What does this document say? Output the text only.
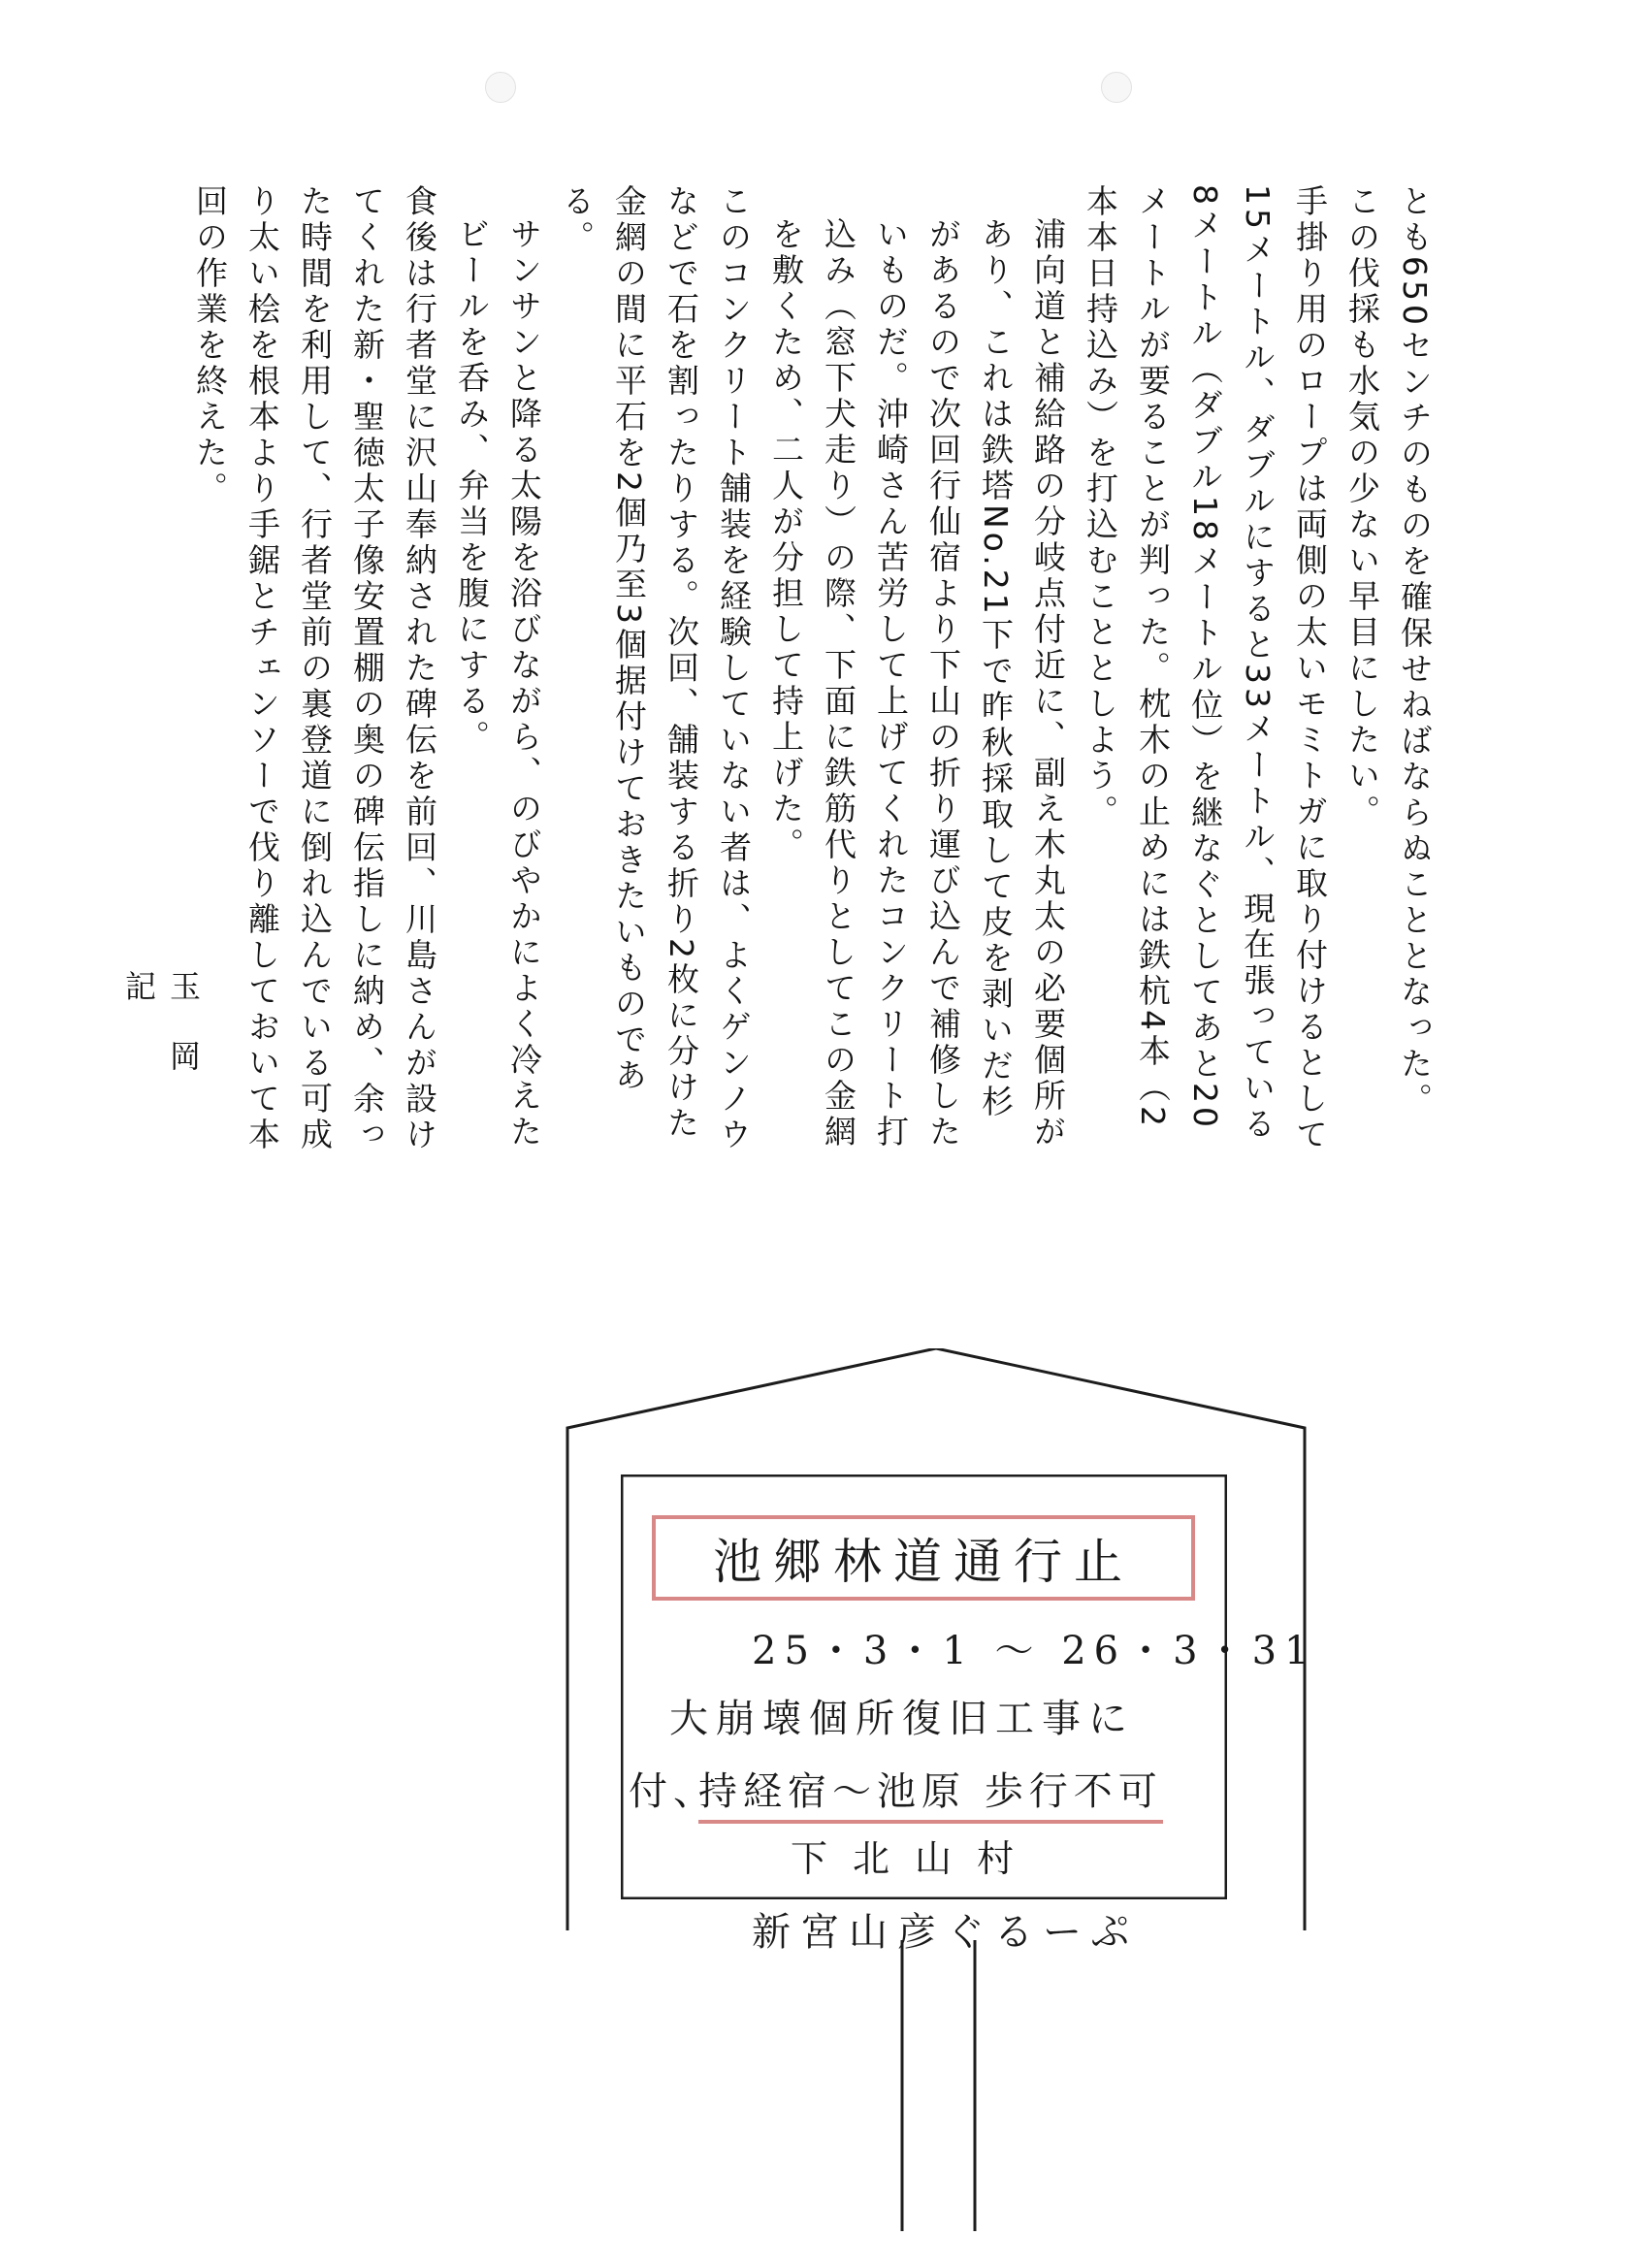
とも650センチのものを確保せねばならぬこととなった。

この伐採も水気の少ない早目にしたい。

手掛り用のロープは両側の太いモミトガに取り付けるとして15メートル、ダブルにすると33メートル、現在張っている8メートル（ダブル18メートル位）を継なぐとしてあと20メートルが要ることが判った。枕木の止めには鉄杭4本（2本本日持込み）を打込むこととしよう。

浦向道と補給路の分岐点付近に、副え木丸太の必要個所があり、これは鉄塔No.21下で昨秋採取して皮を剥いだ杉があるので次回行仙宿より下山の折り運び込んで補修したいものだ。沖崎さん苦労して上げてくれたコンクリート打込み（窓下犬走り）の際、下面に鉄筋代りとしてこの金網を敷くため、二人が分担して持上げた。

このコンクリート舗装を経験していない者は、よくゲンノウなどで石を割ったりする。次回、舗装する折り2枚に分けた金網の間に平石を2個乃至3個据付けておきたいものである。

サンサンと降る太陽を浴びながら、のびやかによく冷えたビールを呑み、弁当を腹にする。

食後は行者堂に沢山奉納された碑伝を前回、川島さんが設けてくれた新・聖徳太子像安置棚の奥の碑伝指しに納め、余った時間を利用して、行者堂前の裏登道に倒れ込んでいる可成り太い桧を根本より手鋸とチェンソーで伐り離しておいて本回の作業を終えた。

玉岡 記
池郷林道通行止
25・3・1 〜 26・3・31
大崩壊個所復旧工事に
付、
持経宿〜池原 歩行不可
下北山村
新宮山彦ぐるーぷ
